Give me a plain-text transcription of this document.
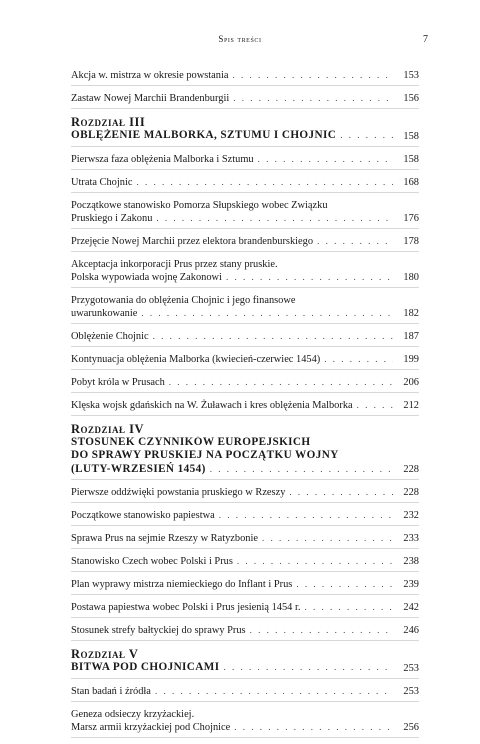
Spis treści	7
Akcja w. mistrza w okresie powstania . . .	153
Zastaw Nowej Marchii Brandenburgii . . .	156
Rozdział III
OBLĘŻENIE MALBORKA, SZTUMU I CHOJNIC . . .	158
Pierwsza faza oblężenia Malborka i Sztumu . . .	158
Utrata Chojnic . . .	168
Początkowe stanowisko Pomorza Słupskiego wobec Związku
Pruskiego i Zakonu . . .	176
Przejęcie Nowej Marchii przez elektora brandenburskiego . . .	178
Akceptacja inkorporacji Prus przez stany pruskie.
Polska wypowiada wojnę Zakonowi . . .	180
Przygotowania do oblężenia Chojnic i jego finansowe
uwarunkowanie . . .	182
Oblężenie Chojnic . . .	187
Kontynuacja oblężenia Malborka (kwiecień-czerwiec 1454) . . .	199
Pobyt króla w Prusach . . .	206
Klęska wojsk gdańskich na W. Żuławach i kres oblężenia Malborka . . .	212
Rozdział IV
STOSUNEK CZYNNIKÓW EUROPEJSKICH
DO SPRAWY PRUSKIEJ NA POCZĄTKU WOJNY
(LUTY-WRZESIEŃ 1454) . . .	228
Pierwsze oddźwięki powstania pruskiego w Rzeszy . . .	228
Początkowe stanowisko papiestwa . . .	232
Sprawa Prus na sejmie Rzeszy w Ratyzbonie . . .	233
Stanowisko Czech wobec Polski i Prus . . .	238
Plan wyprawy mistrza niemieckiego do Inflant i Prus . . .	239
Postawa papiestwa wobec Polski i Prus jesienią 1454 r. . . .	242
Stosunek strefy bałtyckiej do sprawy Prus . . .	246
Rozdział V
BITWA POD CHOJNICAMI . . .	253
Stan badań i źródła . . .	253
Geneza odsieczy krzyżackiej.
Marsz armii krzyżackiej pod Chojnice . . .	256
